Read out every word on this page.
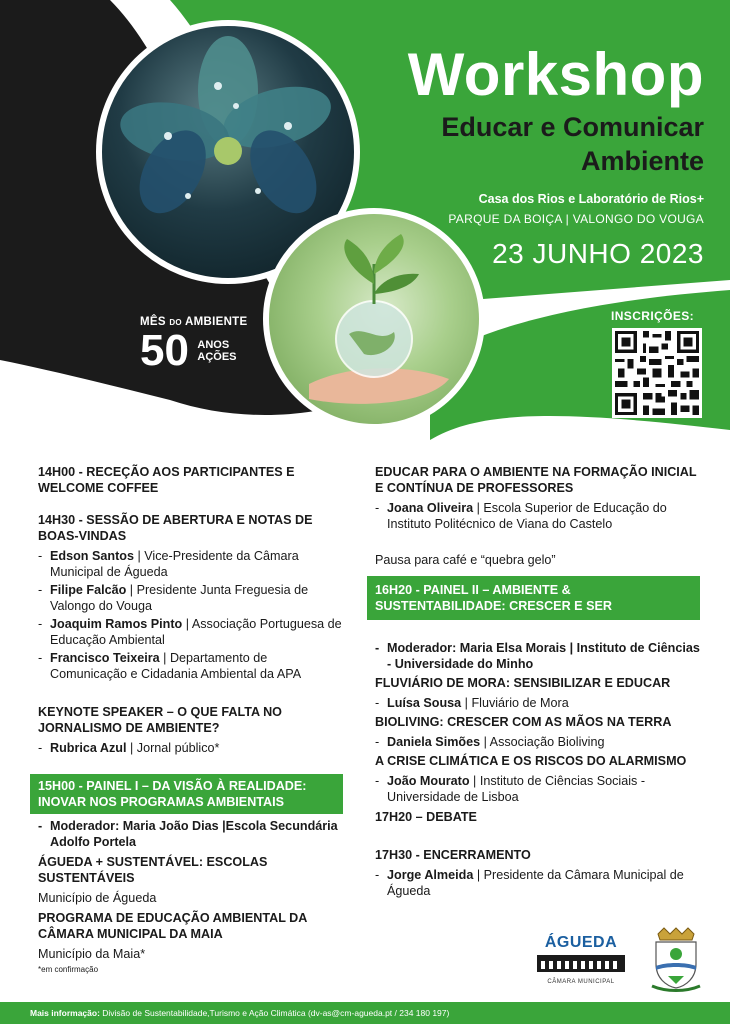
Workshop
Educar e Comunicar
Ambiente
Casa dos Rios e Laboratório de Rios+
PARQUE DA BOIÇA | VALONGO DO VOUGA
23 JUNHO 2023
MÊS DO AMBIENTE
50 ANOS
AÇÕES
INSCRIÇÕES:
14H00 - RECEÇÃO AOS PARTICIPANTES E WELCOME COFFEE
14H30 - SESSÃO DE ABERTURA E NOTAS DE BOAS-VINDAS
- Edson Santos | Vice-Presidente da Câmara Municipal de Águeda
- Filipe Falcão | Presidente Junta Freguesia de Valongo do Vouga
- Joaquim Ramos Pinto | Associação Portuguesa de Educação Ambiental
- Francisco Teixeira | Departamento de Comunicação e Cidadania Ambiental da APA
KEYNOTE SPEAKER – O QUE FALTA NO JORNALISMO DE AMBIENTE?
- Rubrica Azul | Jornal público*
15H00 - PAINEL I – DA VISÃO À REALIDADE: INOVAR NOS PROGRAMAS AMBIENTAIS
- Moderador: Maria João Dias |Escola Secundária Adolfo Portela
ÁGUEDA + SUSTENTÁVEL: ESCOLAS SUSTENTÁVEIS
Município de Águeda
PROGRAMA DE EDUCAÇÃO AMBIENTAL DA CÂMARA MUNICIPAL DA MAIA
Município da Maia*
*em confirmação
EDUCAR PARA O AMBIENTE NA FORMAÇÃO INICIAL E CONTÍNUA DE PROFESSORES
- Joana Oliveira | Escola Superior de Educação do Instituto Politécnico de Viana do Castelo
Pausa para café e “quebra gelo”
16H20 - PAINEL II – AMBIENTE & SUSTENTABILIDADE: CRESCER E SER
- Moderador: Maria Elsa Morais | Instituto de Ciências - Universidade do Minho
FLUVIÁRIO DE MORA: SENSIBILIZAR E EDUCAR
- Luísa Sousa | Fluviário de Mora
BIOLIVING: CRESCER COM AS MÃOS NA TERRA
- Daniela Simões | Associação Bioliving
A CRISE CLIMÁTICA E OS RISCOS DO ALARMISMO
- João Mourato | Instituto de Ciências Sociais - Universidade de Lisboa
17H20 – DEBATE
17H30 - ENCERRAMENTO
- Jorge Almeida | Presidente da Câmara Municipal de Águeda
ÁGUEDA
CÂMARA MUNICIPAL
Mais informação: Divisão de Sustentabilidade,Turismo e Ação Climática (dv-as@cm-agueda.pt / 234 180 197)
